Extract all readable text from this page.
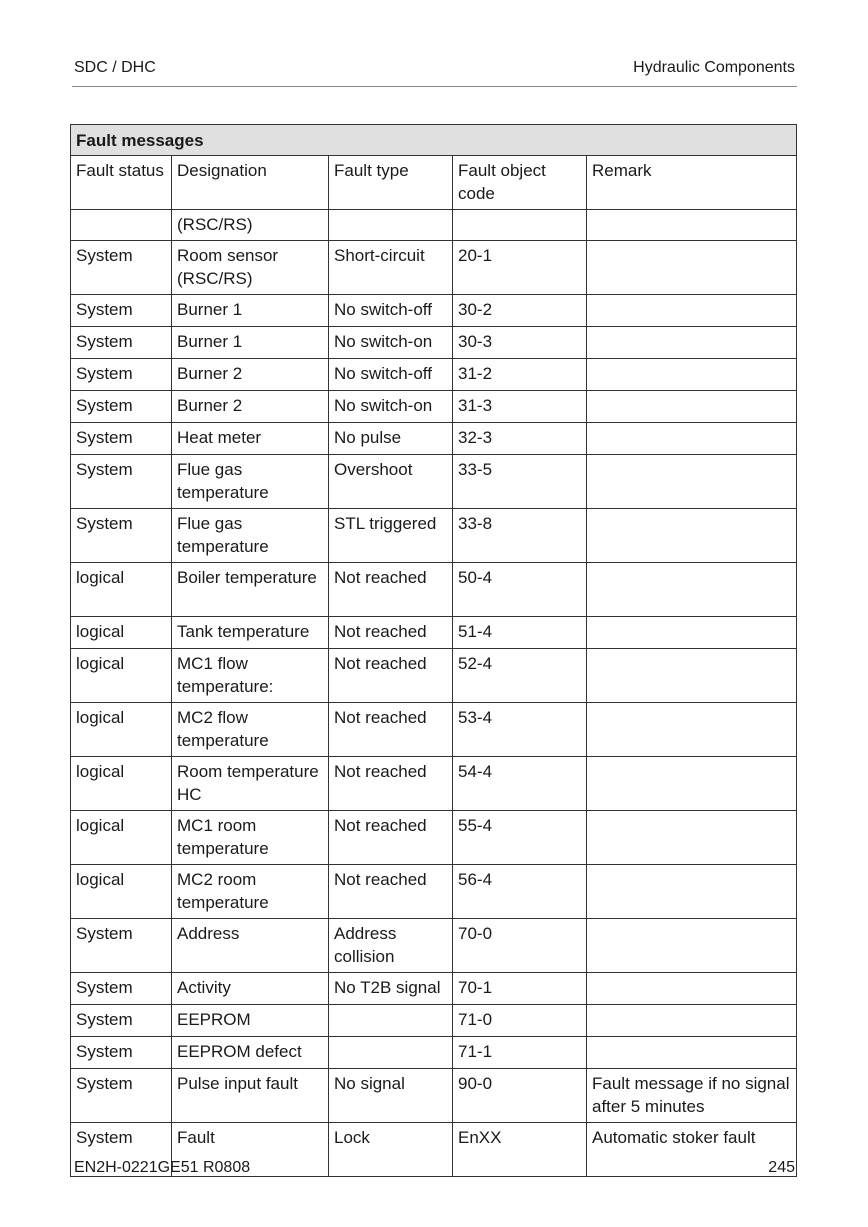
SDC / DHC	Hydraulic Components
Fault messages				
Fault status	Designation	Fault type	Fault object code	Remark
	(RSC/RS)			
System	Room sensor (RSC/RS)	Short-circuit	20-1	
System	Burner 1	No switch-off	30-2	
System	Burner 1	No switch-on	30-3	
System	Burner 2	No switch-off	31-2	
System	Burner 2	No switch-on	31-3	
System	Heat meter	No pulse	32-3	
System	Flue gas temperature	Overshoot	33-5	
System	Flue gas temperature	STL triggered	33-8	
logical	Boiler temperature	Not reached	50-4	
logical	Tank temperature	Not reached	51-4	
logical	MC1 flow temperature:	Not reached	52-4	
logical	MC2 flow temperature	Not reached	53-4	
logical	Room temperature HC	Not reached	54-4	
logical	MC1 room temperature	Not reached	55-4	
logical	MC2 room temperature	Not reached	56-4	
System	Address	Address collision	70-0	
System	Activity	No T2B signal	70-1	
System	EEPROM		71-0	
System	EEPROM defect		71-1	
System	Pulse input fault	No signal	90-0	Fault message if no signal after 5 minutes
System	Fault	Lock	EnXX	Automatic stoker fault
EN2H-0221GE51 R0808	245
